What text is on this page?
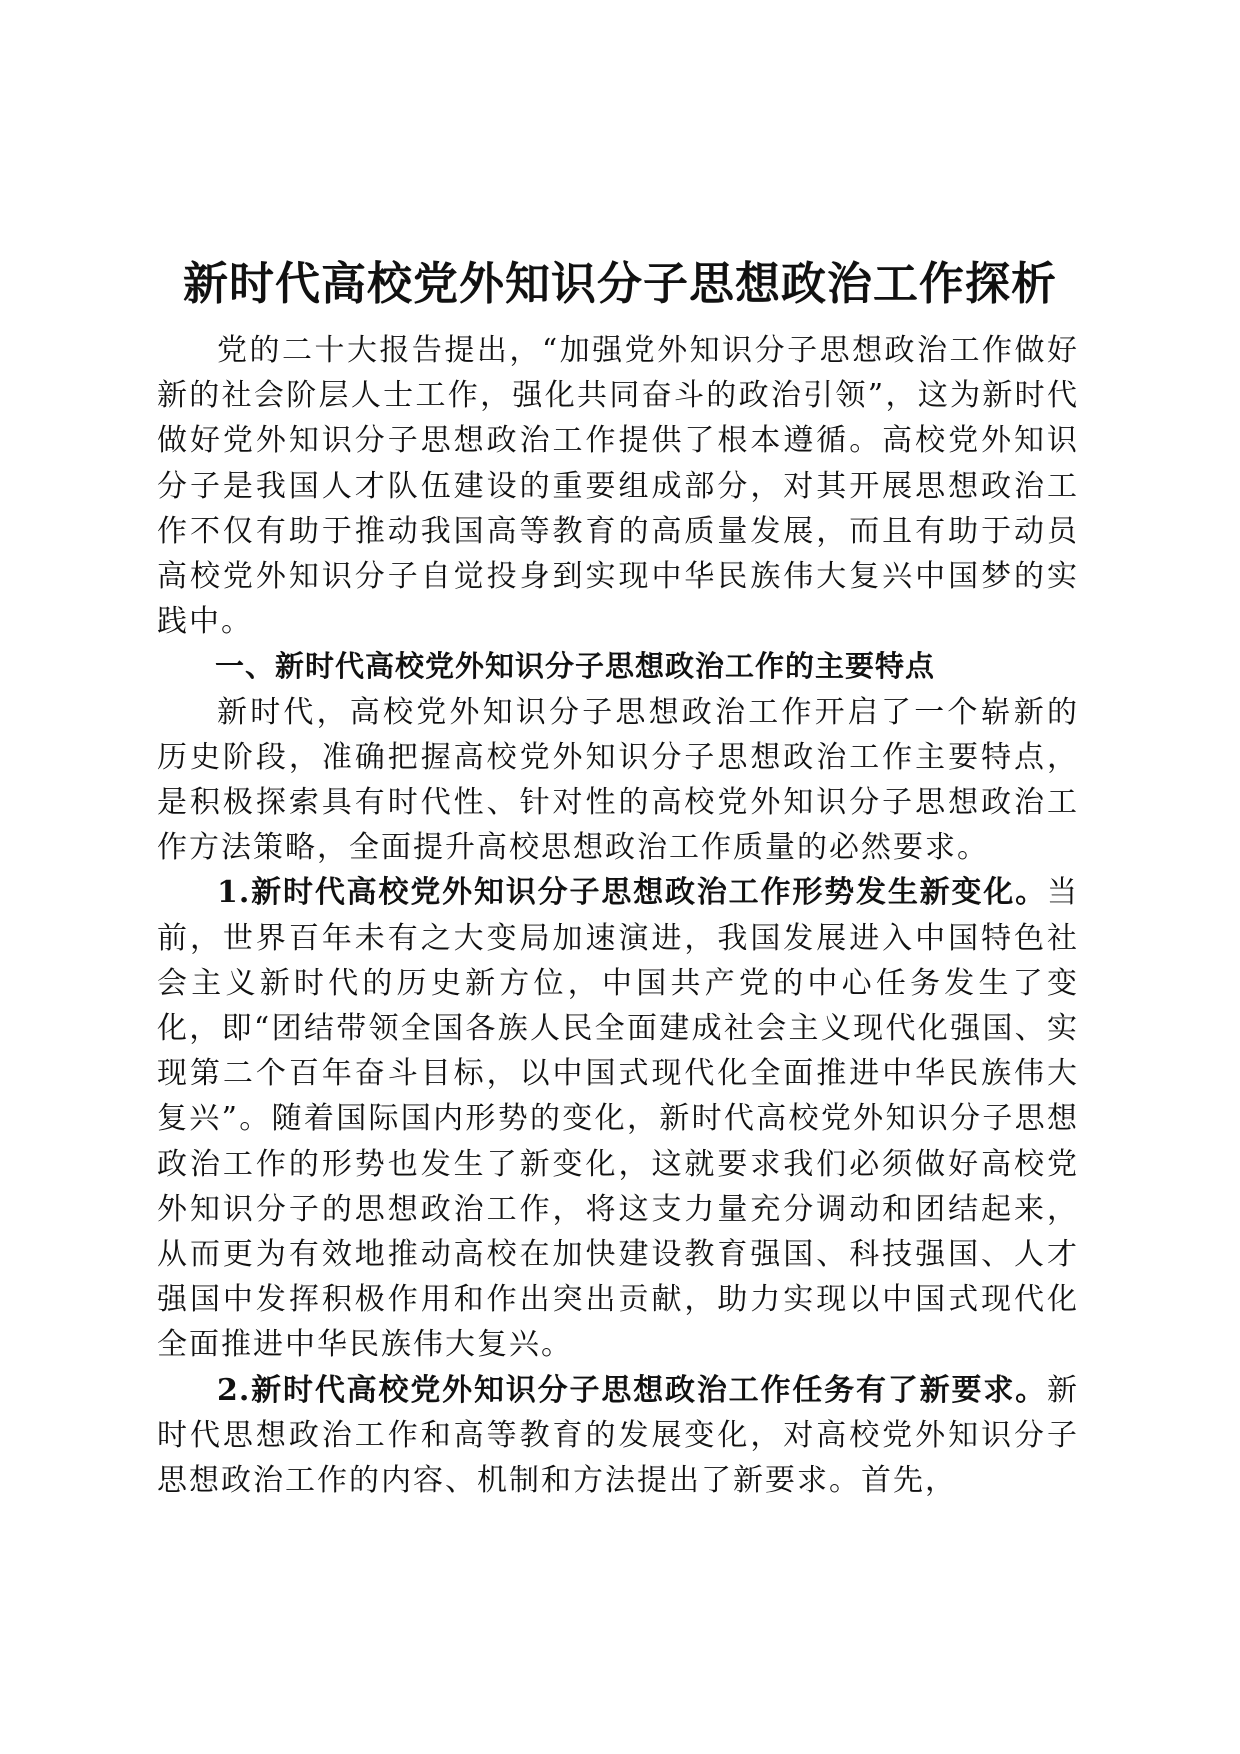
新时代高校党外知识分子思想政治工作探析

党的二十大报告提出，“加强党外知识分子思想政治工作做好新的社会阶层人士工作，强化共同奋斗的政治引领”，这为新时代做好党外知识分子思想政治工作提供了根本遵循。高校党外知识分子是我国人才队伍建设的重要组成部分，对其开展思想政治工作不仅有助于推动我国高等教育的高质量发展，而且有助于动员高校党外知识分子自觉投身到实现中华民族伟大复兴中国梦的实践中。

一、新时代高校党外知识分子思想政治工作的主要特点

新时代，高校党外知识分子思想政治工作开启了一个崭新的历史阶段，准确把握高校党外知识分子思想政治工作主要特点，是积极探索具有时代性、针对性的高校党外知识分子思想政治工作方法策略，全面提升高校思想政治工作质量的必然要求。

1.新时代高校党外知识分子思想政治工作形势发生新变化。当前，世界百年未有之大变局加速演进，我国发展进入中国特色社会主义新时代的历史新方位，中国共产党的中心任务发生了变化，即“团结带领全国各族人民全面建成社会主义现代化强国、实现第二个百年奋斗目标，以中国式现代化全面推进中华民族伟大复兴”。随着国际国内形势的变化，新时代高校党外知识分子思想政治工作的形势也发生了新变化，这就要求我们必须做好高校党外知识分子的思想政治工作，将这支力量充分调动和团结起来，从而更为有效地推动高校在加快建设教育强国、科技强国、人才强国中发挥积极作用和作出突出贡献，助力实现以中国式现代化全面推进中华民族伟大复兴。

2.新时代高校党外知识分子思想政治工作任务有了新要求。新时代思想政治工作和高等教育的发展变化，对高校党外知识分子思想政治工作的内容、机制和方法提出了新要求。首先，
